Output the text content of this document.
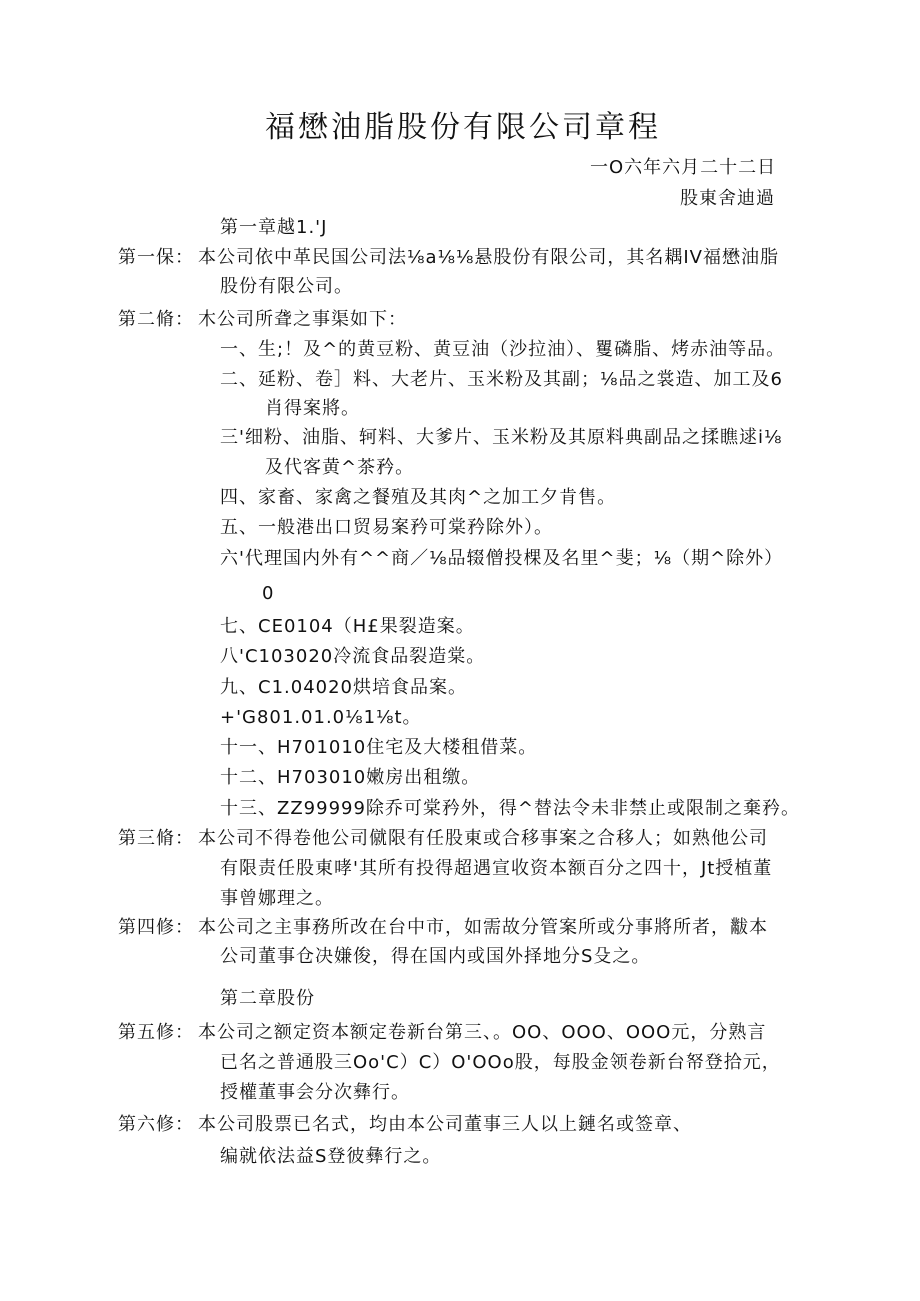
福懋油脂股份有限公司章程
一O六年六月二十二日
股東舍迪過
第一章越1.'J
第一保： 本公司依中革民国公司法⅛a⅛⅛悬股份有限公司，其名耦IV福懋油脂
股份有限公司。
第二脩： 木公司所聋之事渠如下：
一、生;！及^的黄豆粉、黄豆油（沙拉油）、矍磷脂、烤赤油等品。
二、延粉、卷］料、大老片、玉米粉及其副；⅛品之裳造、加工及6
肖得案將。
三'细粉、油脂、轲料、大爹片、玉米粉及其原料典副品之揉瞧逑i⅛
及代客黄^茶矜。
四、家畜、家禽之餐殖及其肉^之加工夕肯售。
五、一般港出口贸易案矜可棠矜除外）。
六'代理国内外有^^商／⅛品辍僧投棵及名里^斐；⅛（期^除外）
0
七、CE0104（H£果裂造案。
八'C103020冷流食品裂造棠。
九、C1.04020烘培食品案。
+'G801.01.0⅛1⅛t。
十一、H701010住宅及大楼租借菜。
十二、H703010嫩房出租缴。
十三、ZZ99999除乔可棠矜外，得^替法令未非禁止或限制之棄矜。
第三脩： 本公司不得卷他公司僦限有任股東或合移事案之合移人；如熟他公司
有限责任股東哮'其所有投得超遇宣收资本额百分之四十，Jt授植董
事曾娜理之。
第四修： 本公司之主事務所改在台中市，如需故分管案所或分事將所者，黻本
公司董事仓决嫌俊，得在国内或国外择地分S殳之。
第二章股份
第五修： 本公司之额定资本额定卷新台第三、。OO、OOO、OOO元，分熟言
已名之普通股三Oo'C）C）O'OOo股，每股金领卷新台帑登拾元，
授權董事会分次彝行。
第六修： 本公司股票已名式，均由本公司董事三人以上鏈名或签章、
编就依法益S登彼彝行之。
